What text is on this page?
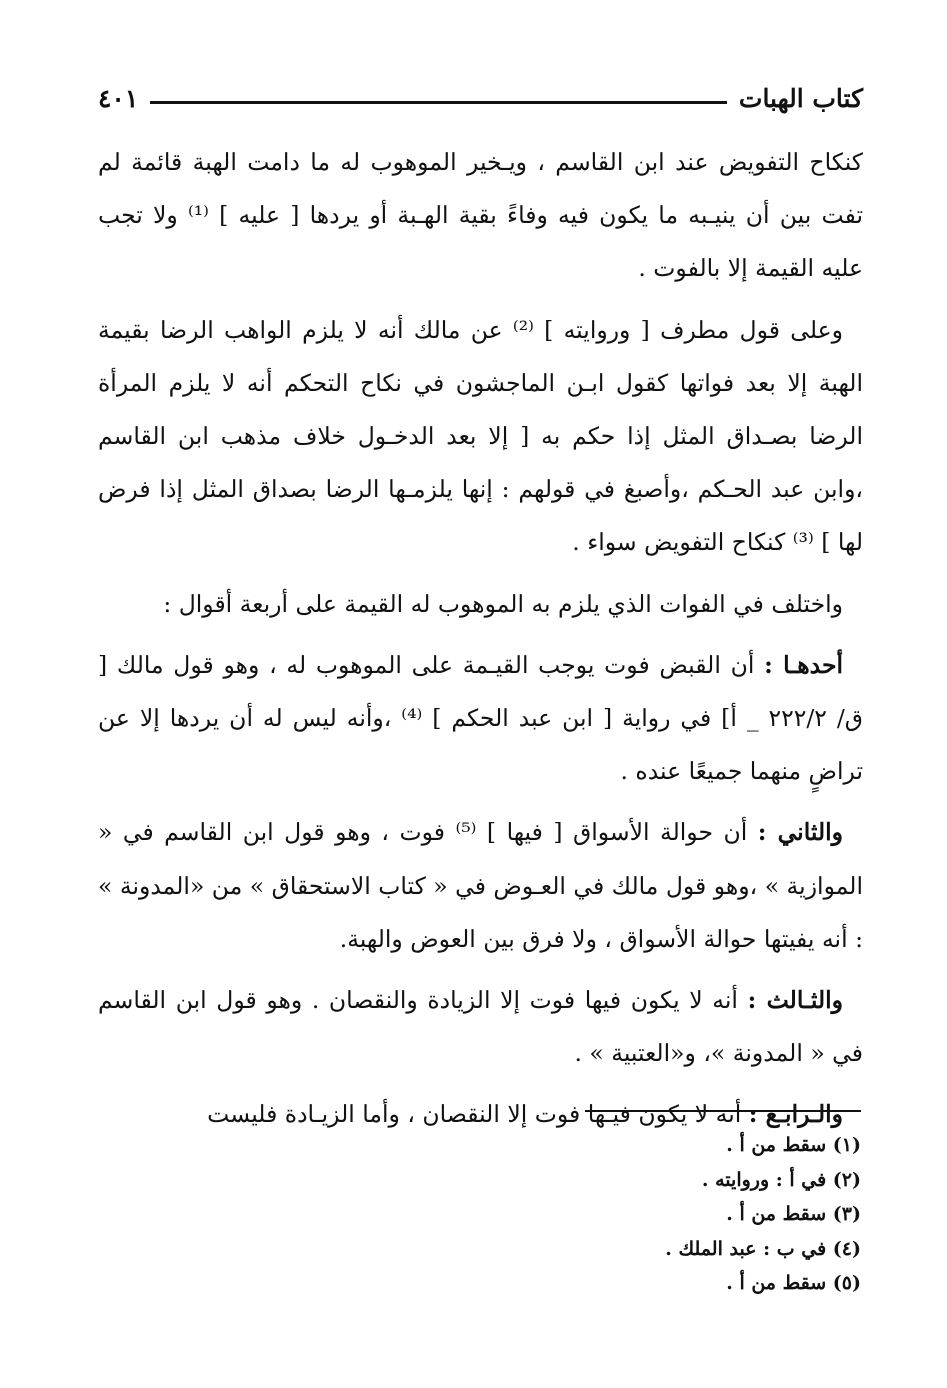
كتاب الهبات
٤٠١

كنكاح التفويض عند ابن القاسم ، ويـخير الموهوب له ما دامت الهبة قائمة لم تفت بين أن ينيـبه ما يكون فيه وفاءً بقية الهـبة أو يردها [ عليه ] ⁽¹⁾ ولا تجب عليه القيمة إلا بالفوت .

وعلى قول مطرف [ وروايته ] ⁽²⁾ عن مالك أنه لا يلزم الواهب الرضا بقيمة الهبة إلا بعد فواتها كقول ابـن الماجشون في نكاح التحكم أنه لا يلزم المرأة الرضا بصـداق المثل إذا حكم به [ إلا بعد الدخـول خلاف مذهب ابن القاسم ،وابن عبد الحـكم ،وأصبغ في قولهم : إنها يلزمـها الرضا بصداق المثل إذا فرض لها ] ⁽³⁾ كنكاح التفويض سواء .

واختلف في الفوات الذي يلزم به الموهوب له القيمة على أربعة أقوال :

أحدهـا : أن القبض فوت يوجب القيـمة على الموهوب له ، وهو قول مالك [ ق/ ٢٢٢/٢ _ أ] في رواية [ ابن عبد الحكم ] ⁽⁴⁾ ،وأنه ليس له أن يردها إلا عن تراضٍ منهما جميعًا عنده .

والثاني : أن حوالة الأسواق [ فيها ] ⁽⁵⁾ فوت ، وهو قول ابن القاسم في « الموازية » ،وهو قول مالك في العـوض في « كتاب الاستحقاق » من «المدونة » : أنه يفيتها حوالة الأسواق ، ولا فرق بين العوض والهبة.

والثـالث : أنه لا يكون فيها فوت إلا الزيادة والنقصان . وهو قول ابن القاسم في « المدونة »، و«العتبية » .

والـرابـع : أنه لا يكون فيـها فوت إلا النقصان ، وأما الزيـادة فليست

(١) سقط من أ .
(٢) في أ : وروايته .
(٣) سقط من أ .
(٤) في ب : عبد الملك .
(٥) سقط من أ .
